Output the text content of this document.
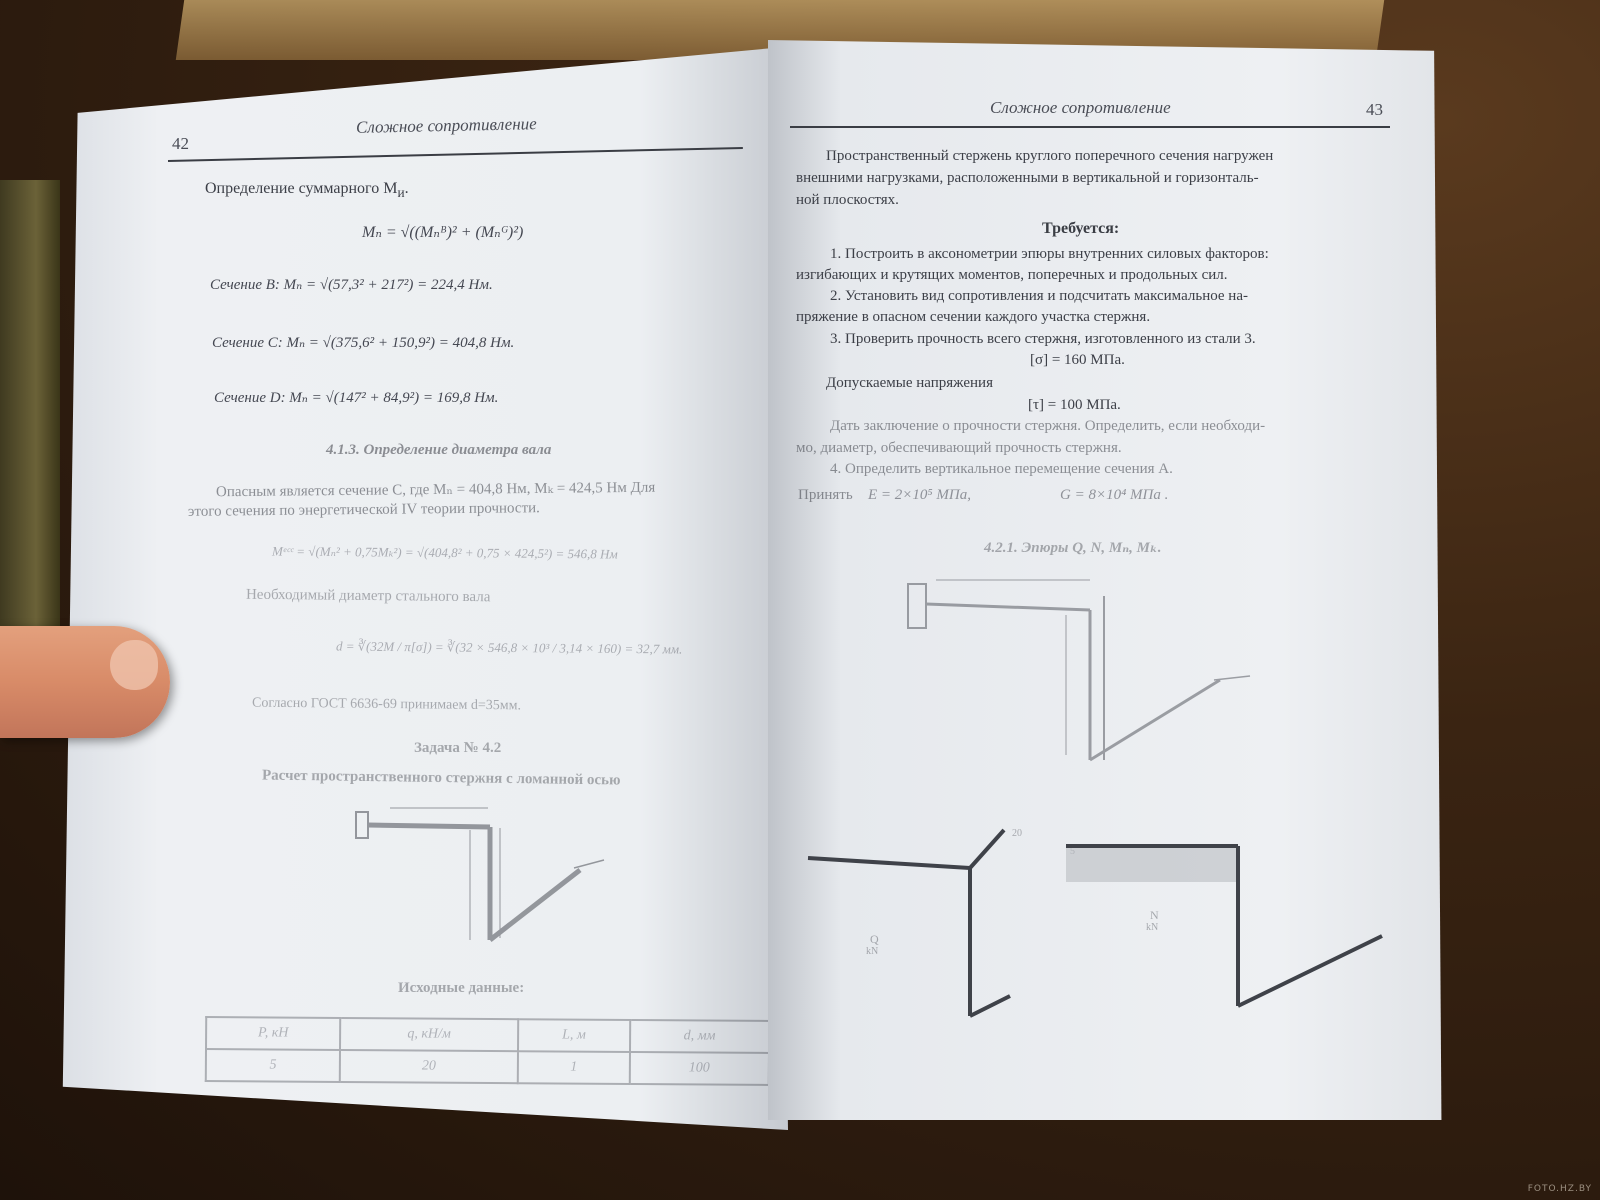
42
Сложное сопротивление
Определение суммарного $М_и$.
Mₙ = √((Mₙᴮ)² + (Mₙᴳ)²)
Сечение B: Mₙ = √(57,3² + 217²) = 224,4 Нм.
Сечение C: Mₙ = √(375,6² + 150,9²) = 404,8 Нм.
Сечение D: Mₙ = √(147² + 84,9²) = 169,8 Нм.
4.1.3. Определение диаметра вала
Опасным является сечение C, где Mₙ = 404,8 Нм, Mₖ = 424,5 Нм Для
этого сечения по энергетической IV теории прочности.
Mᵉᶜᶜ = √(Mₙ² + 0,75Mₖ²) = √(404,8² + 0,75 × 424,5²) = 546,8 Нм
Необходимый диаметр стального вала
d = ∛(32M / π[σ]) = ∛(32 × 546,8 × 10³ / 3,14 × 160) = 32,7 мм.
Согласно ГОСТ 6636-69 принимаем d=35мм.
Задача № 4.2
Расчет пространственного стержня с ломанной осью
Исходные данные:
P, кН	q, кН/м	L, м	d, мм
5	20	1	100
Сложное сопротивление	43
Пространственный стержень круглого поперечного сечения нагружен
внешними нагрузками, расположенными в вертикальной и горизонталь-
ной плоскостях.
Требуется:
1. Построить в аксонометрии эпюры внутренних силовых факторов:
изгибающих и крутящих моментов, поперечных и продольных сил.
2. Установить вид сопротивления и подсчитать максимальное на-
пряжение в опасном сечении каждого участка стержня.
3. Проверить прочность всего стержня, изготовленного из стали 3.
[σ] = 160 МПа.
Допускаемые напряжения
[τ] = 100 МПа.
Дать заключение о прочности стержня. Определить, если необходи-
мо, диаметр, обеспечивающий прочность стержня.
4. Определить вертикальное перемещение сечения A.
Принять E = 2×10⁵ МПа,	G = 8×10⁴ МПа .
4.2.1. Эпюры Q, N, Mₙ, Mₖ.
Q
kN
N
kN
20
FOTO.HZ.BY
